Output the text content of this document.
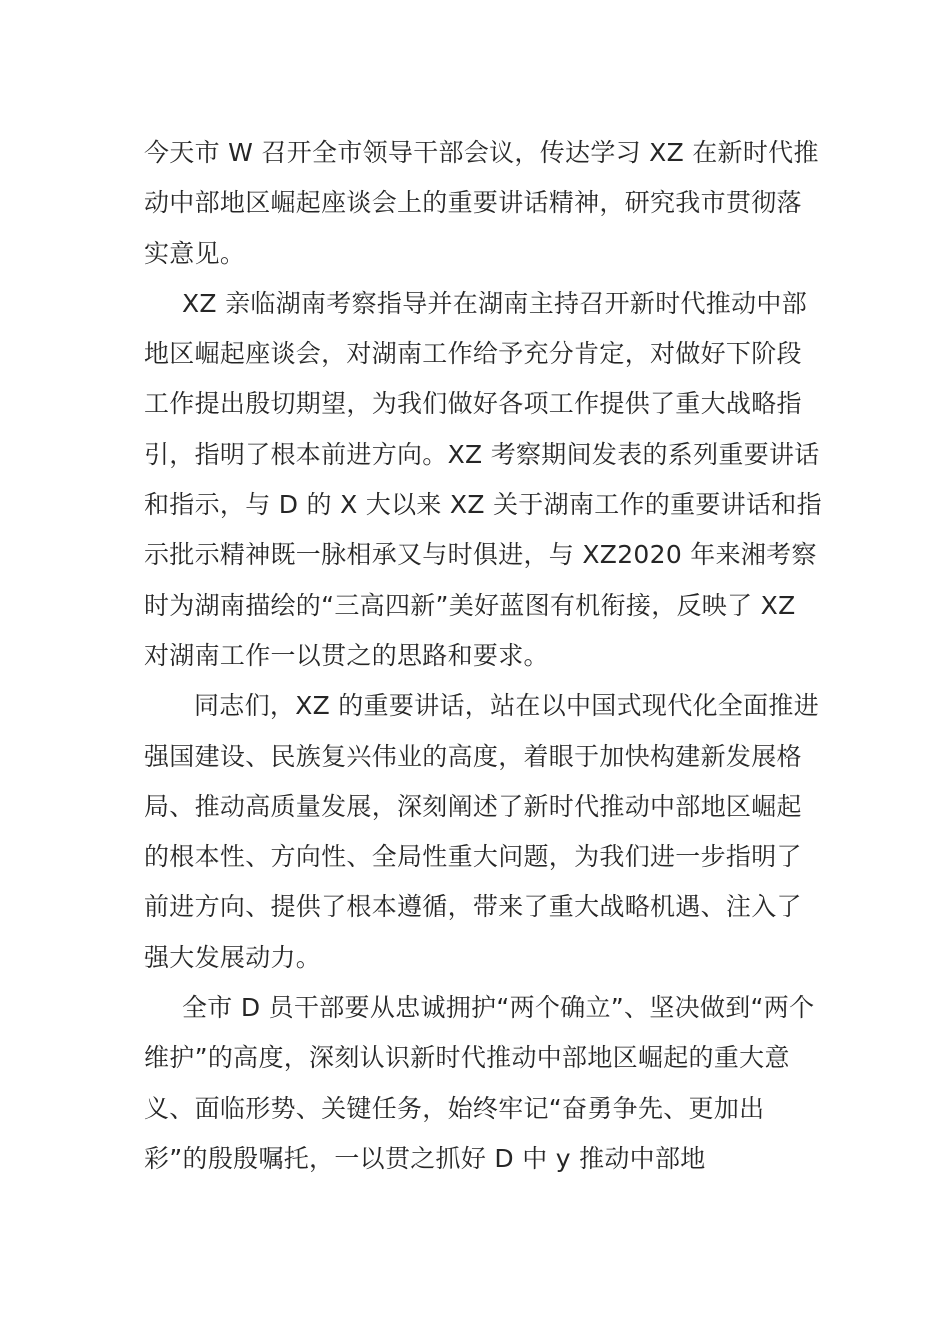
今天市 W 召开全市领导干部会议，传达学习 XZ 在新时代推动中部地区崛起座谈会上的重要讲话精神，研究我市贯彻落实意见。

XZ 亲临湖南考察指导并在湖南主持召开新时代推动中部地区崛起座谈会，对湖南工作给予充分肯定，对做好下阶段工作提出殷切期望，为我们做好各项工作提供了重大战略指引，指明了根本前进方向。XZ 考察期间发表的系列重要讲话和指示，与 D 的 X 大以来 XZ 关于湖南工作的重要讲话和指示批示精神既一脉相承又与时俱进，与 XZ2020 年来湘考察时为湖南描绘的“三高四新”美好蓝图有机衔接，反映了 XZ 对湖南工作一以贯之的思路和要求。

同志们，XZ 的重要讲话，站在以中国式现代化全面推进强国建设、民族复兴伟业的高度，着眼于加快构建新发展格局、推动高质量发展，深刻阐述了新时代推动中部地区崛起的根本性、方向性、全局性重大问题，为我们进一步指明了前进方向、提供了根本遵循，带来了重大战略机遇、注入了强大发展动力。

全市 D 员干部要从忠诚拥护“两个确立”、坚决做到“两个维护”的高度，深刻认识新时代推动中部地区崛起的重大意义、面临形势、关键任务，始终牢记“奋勇争先、更加出彩”的殷殷嘱托，一以贯之抓好 D 中 y 推动中部地
